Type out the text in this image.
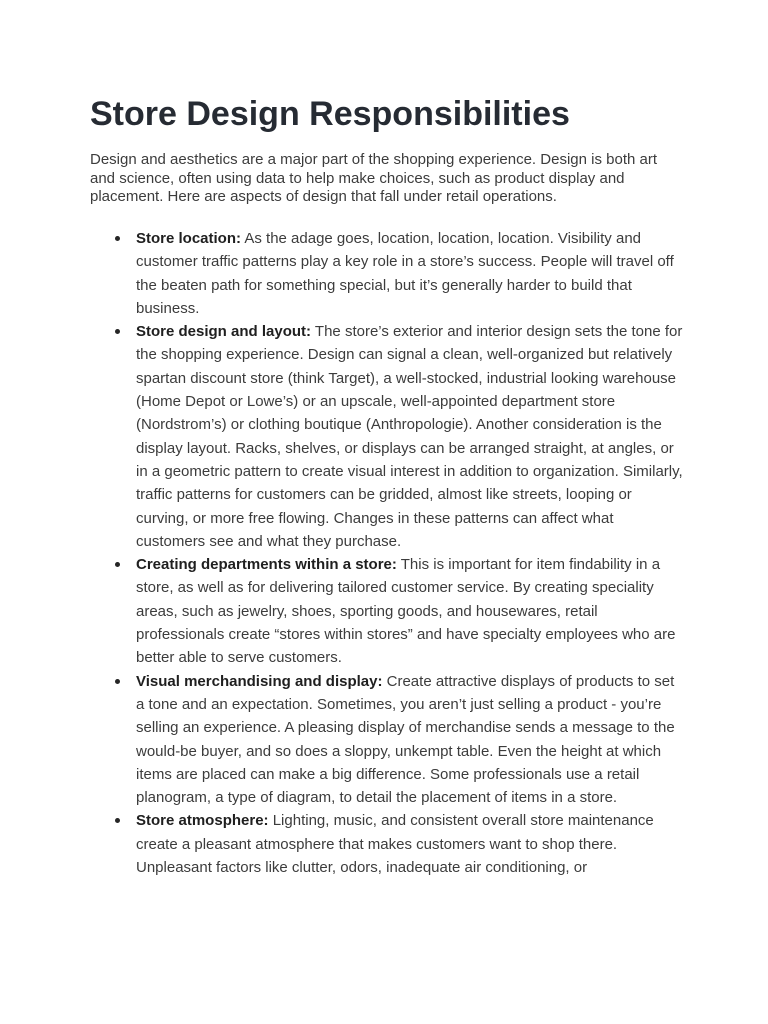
Store Design Responsibilities

Design and aesthetics are a major part of the shopping experience. Design is both art and science, often using data to help make choices, such as product display and placement. Here are aspects of design that fall under retail operations.

Store location: As the adage goes, location, location, location. Visibility and customer traffic patterns play a key role in a store’s success. People will travel off the beaten path for something special, but it’s generally harder to build that business.
Store design and layout: The store’s exterior and interior design sets the tone for the shopping experience. Design can signal a clean, well-organized but relatively spartan discount store (think Target), a well-stocked, industrial looking warehouse (Home Depot or Lowe’s) or an upscale, well-appointed department store (Nordstrom’s) or clothing boutique (Anthropologie). Another consideration is the display layout. Racks, shelves, or displays can be arranged straight, at angles, or in a geometric pattern to create visual interest in addition to organization. Similarly, traffic patterns for customers can be gridded, almost like streets, looping or curving, or more free flowing. Changes in these patterns can affect what customers see and what they purchase.
Creating departments within a store: This is important for item findability in a store, as well as for delivering tailored customer service. By creating speciality areas, such as jewelry, shoes, sporting goods, and housewares, retail professionals create “stores within stores” and have specialty employees who are better able to serve customers.
Visual merchandising and display: Create attractive displays of products to set a tone and an expectation. Sometimes, you aren’t just selling a product - you’re selling an experience. A pleasing display of merchandise sends a message to the would-be buyer, and so does a sloppy, unkempt table. Even the height at which items are placed can make a big difference. Some professionals use a retail planogram, a type of diagram, to detail the placement of items in a store.
Store atmosphere: Lighting, music, and consistent overall store maintenance create a pleasant atmosphere that makes customers want to shop there. Unpleasant factors like clutter, odors, inadequate air conditioning, or
